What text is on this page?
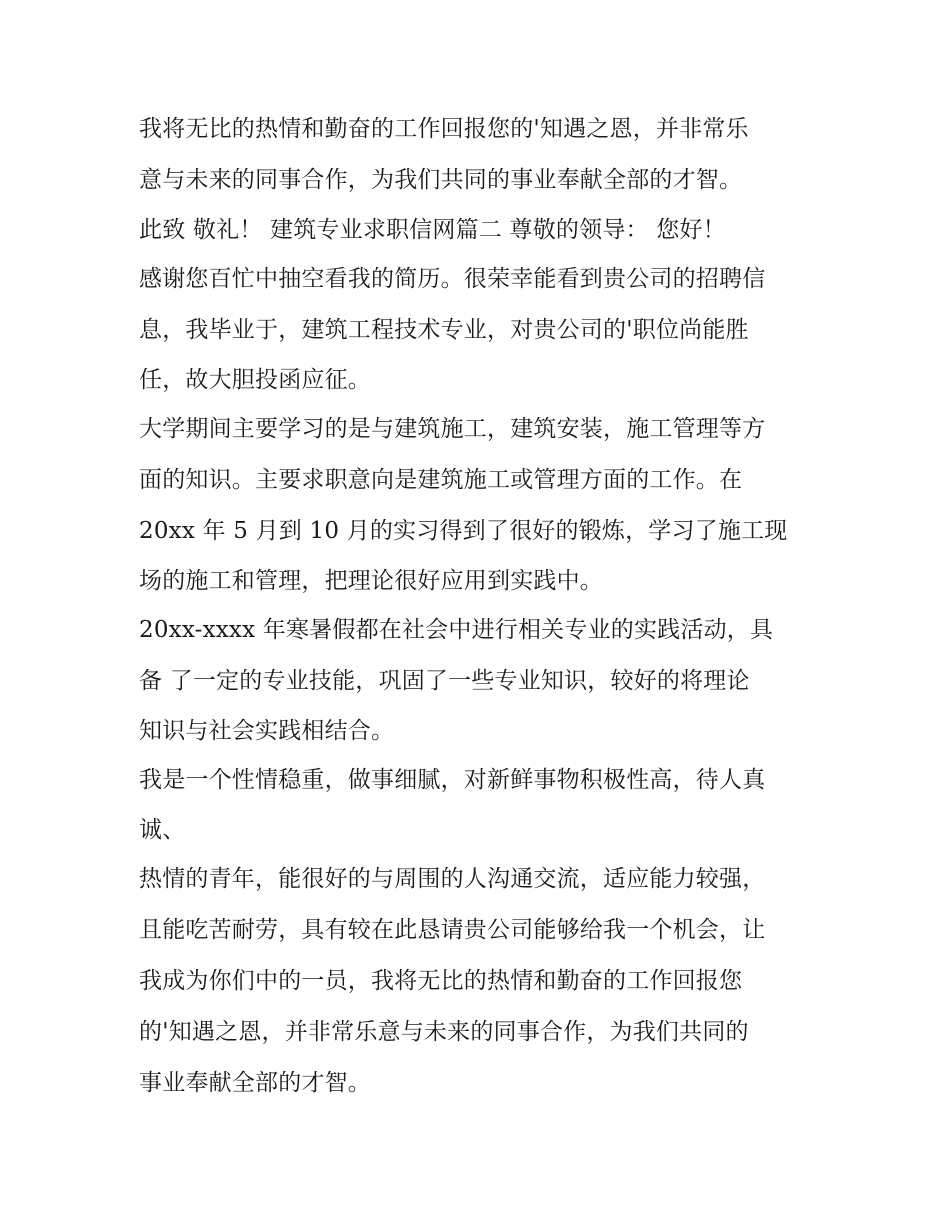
我将无比的热情和勤奋的工作回报您的'知遇之恩，并非常乐
意与未来的同事合作，为我们共同的事业奉献全部的才智。
此致 敬礼！ 建筑专业求职信网篇二 尊敬的领导： 您好！
感谢您百忙中抽空看我的简历。很荣幸能看到贵公司的招聘信
息，我毕业于，建筑工程技术专业，对贵公司的'职位尚能胜
任，故大胆投函应征。
大学期间主要学习的是与建筑施工，建筑安装，施工管理等方
面的知识。主要求职意向是建筑施工或管理方面的工作。在
20xx 年 5 月到 10 月的实习得到了很好的锻炼，学习了施工现
场的施工和管理，把理论很好应用到实践中。
20xx-xxxx 年寒暑假都在社会中进行相关专业的实践活动，具
备 了一定的专业技能，巩固了一些专业知识，较好的将理论
知识与社会实践相结合。
我是一个性情稳重，做事细腻，对新鲜事物积极性高，待人真
诚、
热情的青年，能很好的与周围的人沟通交流，适应能力较强，
且能吃苦耐劳，具有较在此恳请贵公司能够给我一个机会，让
我成为你们中的一员，我将无比的热情和勤奋的工作回报您
的'知遇之恩，并非常乐意与未来的同事合作，为我们共同的
事业奉献全部的才智。
